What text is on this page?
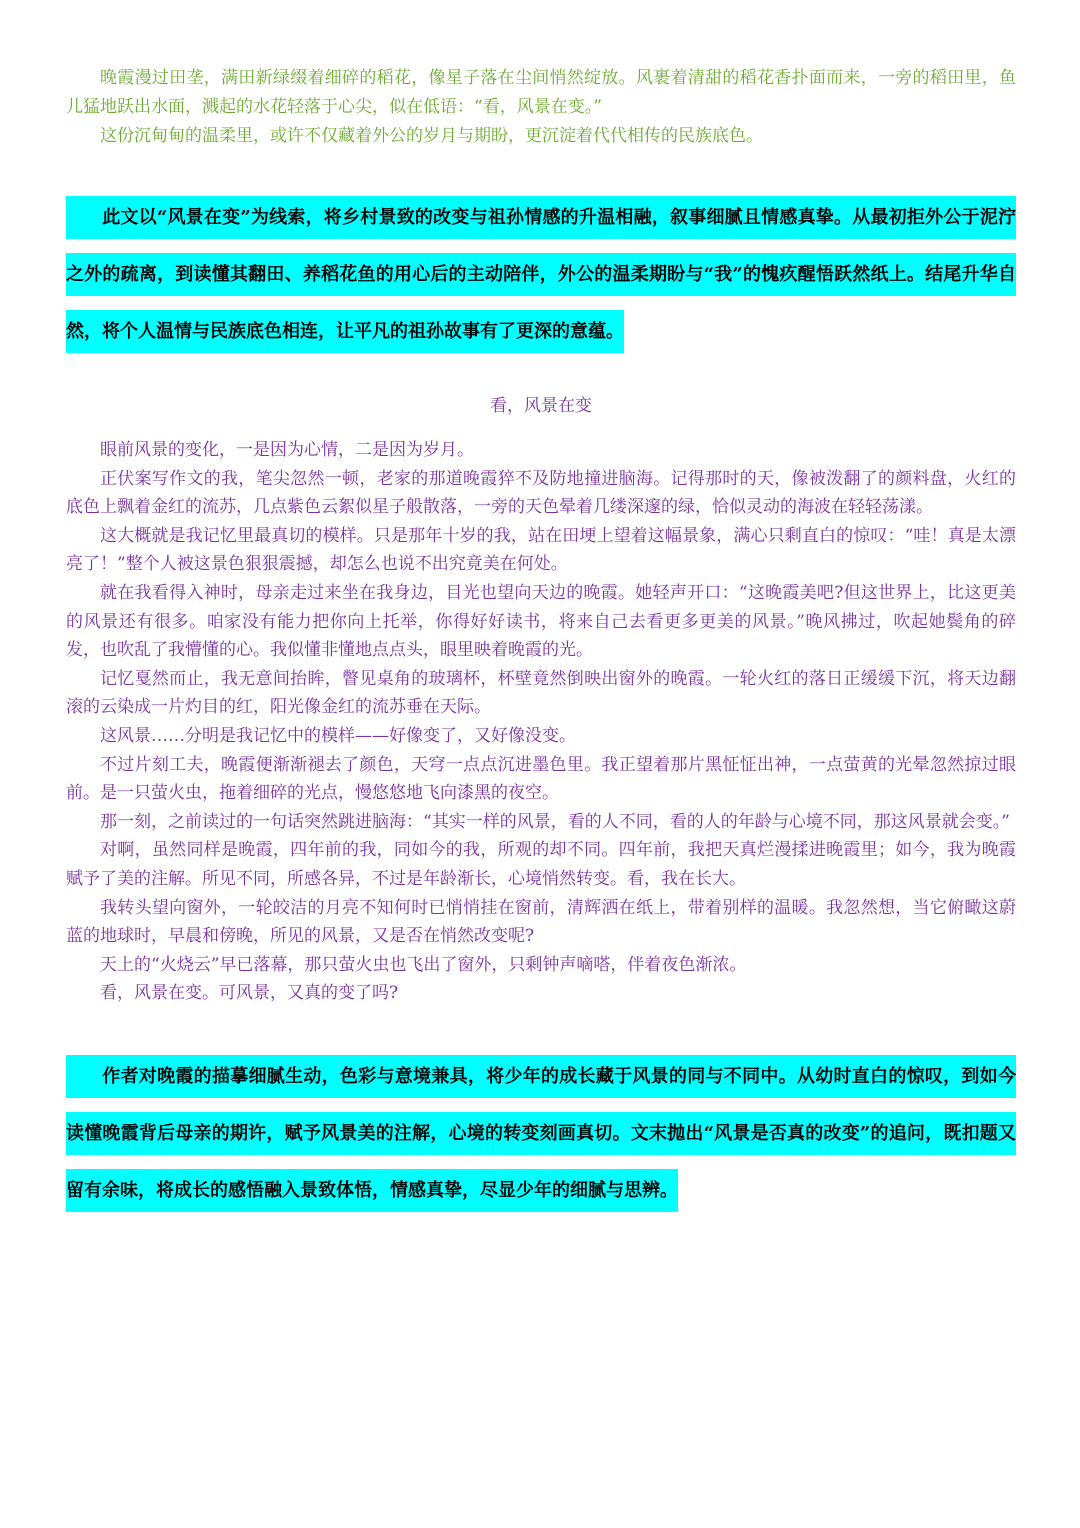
晚霞漫过田垄，满田新绿缀着细碎的稻花，像星子落在尘间悄然绽放。风裹着清甜的稻花香扑面而来，一旁的稻田里，鱼儿猛地跃出水面，溅起的水花轻落于心尖，似在低语：“看，风景在变。”

这份沉甸甸的温柔里，或许不仅藏着外公的岁月与期盼，更沉淀着代代相传的民族底色。

此文以“风景在变”为线索，将乡村景致的改变与祖孙情感的升温相融，叙事细腻且情感真挚。从最初拒外公于泥泞之外的疏离，到读懂其翻田、养稻花鱼的用心后的主动陪伴，外公的温柔期盼与“我”的愧疚醒悟跃然纸上。结尾升华自然，将个人温情与民族底色相连，让平凡的祖孙故事有了更深的意蕴。
看，风景在变

眼前风景的变化，一是因为心情，二是因为岁月。

正伏案写作文的我，笔尖忽然一顿，老家的那道晚霞猝不及防地撞进脑海。记得那时的天，像被泼翻了的颜料盘，火红的底色上飘着金红的流苏，几点紫色云絮似星子般散落，一旁的天色晕着几缕深邃的绿，恰似灵动的海波在轻轻荡漾。

这大概就是我记忆里最真切的模样。只是那年十岁的我，站在田埂上望着这幅景象，满心只剩直白的惊叹：“哇！真是太漂亮了！”整个人被这景色狠狠震撼，却怎么也说不出究竟美在何处。

就在我看得入神时，母亲走过来坐在我身边，目光也望向天边的晚霞。她轻声开口：“这晚霞美吧?但这世界上，比这更美的风景还有很多。咱家没有能力把你向上托举，你得好好读书，将来自己去看更多更美的风景。”晚风拂过，吹起她鬓角的碎发，也吹乱了我懵懂的心。我似懂非懂地点点头，眼里映着晚霞的光。

记忆戛然而止，我无意间抬眸，瞥见桌角的玻璃杯，杯壁竟然倒映出窗外的晚霞。一轮火红的落日正缓缓下沉，将天边翻滚的云染成一片灼目的红，阳光像金红的流苏垂在天际。

这风景……分明是我记忆中的模样——好像变了，又好像没变。

不过片刻工夫，晚霞便渐渐褪去了颜色，天穹一点点沉进墨色里。我正望着那片黑怔怔出神，一点萤黄的光晕忽然掠过眼前。是一只萤火虫，拖着细碎的光点，慢悠悠地飞向漆黑的夜空。

那一刻，之前读过的一句话突然跳进脑海：“其实一样的风景，看的人不同，看的人的年龄与心境不同，那这风景就会变。”

对啊，虽然同样是晚霞，四年前的我，同如今的我，所观的却不同。四年前，我把天真烂漫揉进晚霞里；如今，我为晚霞赋予了美的注解。所见不同，所感各异，不过是年龄渐长，心境悄然转变。看，我在长大。

我转头望向窗外，一轮皎洁的月亮不知何时已悄悄挂在窗前，清辉洒在纸上，带着别样的温暖。我忽然想，当它俯瞰这蔚蓝的地球时，早晨和傍晚，所见的风景，又是否在悄然改变呢?

天上的“火烧云”早已落幕，那只萤火虫也飞出了窗外，只剩钟声嘀嗒，伴着夜色渐浓。

看，风景在变。可风景，又真的变了吗?

作者对晚霞的描摹细腻生动，色彩与意境兼具，将少年的成长藏于风景的同与不同中。从幼时直白的惊叹，到如今读懂晚霞背后母亲的期许，赋予风景美的注解，心境的转变刻画真切。文末抛出“风景是否真的改变”的追问，既扣题又留有余味，将成长的感悟融入景致体悟，情感真挚，尽显少年的细腻与思辨。
